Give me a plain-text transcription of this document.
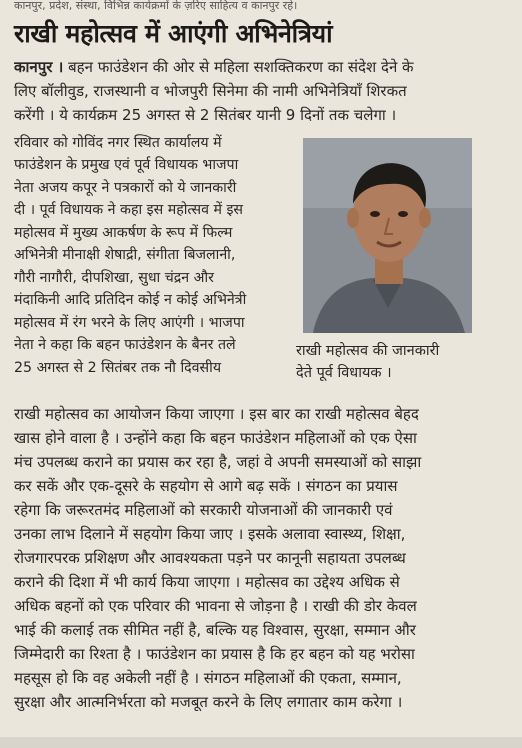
कानपुर, प्रदेश, संस्था, विभिन्न कार्यक्रमों के ज़रिए साहित्य व कानपुर रहे।
राखी महोत्सव में आएंगी अभिनेत्रियां

कानपुर । बहन फाउंडेशन की ओर से महिला सशक्तिकरण का संदेश देने के

लिए बॉलीवुड, राजस्थानी व भोजपुरी सिनेमा की नामी अभिनेत्रियाँ शिरकत

करेंगी । ये कार्यक्रम 25 अगस्त से 2 सितंबर यानी 9 दिनों तक चलेगा ।

रविवार को गोविंद नगर स्थित कार्यालय में

फाउंडेशन के प्रमुख एवं पूर्व विधायक भाजपा

नेता अजय कपूर ने पत्रकारों को ये जानकारी

दी । पूर्व विधायक ने कहा इस महोत्सव में इस

महोत्सव में मुख्य आकर्षण के रूप में फिल्म

अभिनेत्री मीनाक्षी शेषाद्री, संगीता बिजलानी,

गौरी नागौरी, दीपशिखा, सुधा चंद्रन और

मंदाकिनी आदि प्रतिदिन कोई न कोई अभिनेत्री

महोत्सव में रंग भरने के लिए आएंगी । भाजपा

नेता ने कहा कि बहन फाउंडेशन के बैनर तले

25 अगस्त से 2 सितंबर तक नौ दिवसीय

राखी महोत्सव की जानकारी
देते पूर्व विधायक ।

राखी महोत्सव का आयोजन किया जाएगा । इस बार का राखी महोत्सव बेहद

खास होने वाला है । उन्होंने कहा कि बहन फाउंडेशन महिलाओं को एक ऐसा

मंच उपलब्ध कराने का प्रयास कर रहा है, जहां वे अपनी समस्याओं को साझा

कर सकें और एक-दूसरे के सहयोग से आगे बढ़ सकें । संगठन का प्रयास

रहेगा कि जरूरतमंद महिलाओं को सरकारी योजनाओं की जानकारी एवं

उनका लाभ दिलाने में सहयोग किया जाए । इसके अलावा स्वास्थ्य, शिक्षा,

रोजगारपरक प्रशिक्षण और आवश्यकता पड़ने पर कानूनी सहायता उपलब्ध

कराने की दिशा में भी कार्य किया जाएगा । महोत्सव का उद्देश्य अधिक से

अधिक बहनों को एक परिवार की भावना से जोड़ना है । राखी की डोर केवल

भाई की कलाई तक सीमित नहीं है, बल्कि यह विश्वास, सुरक्षा, सम्मान और

जिम्मेदारी का रिश्ता है । फाउंडेशन का प्रयास है कि हर बहन को यह भरोसा

महसूस हो कि वह अकेली नहीं है । संगठन महिलाओं की एकता, सम्मान,

सुरक्षा और आत्मनिर्भरता को मजबूत करने के लिए लगातार काम करेगा ।
